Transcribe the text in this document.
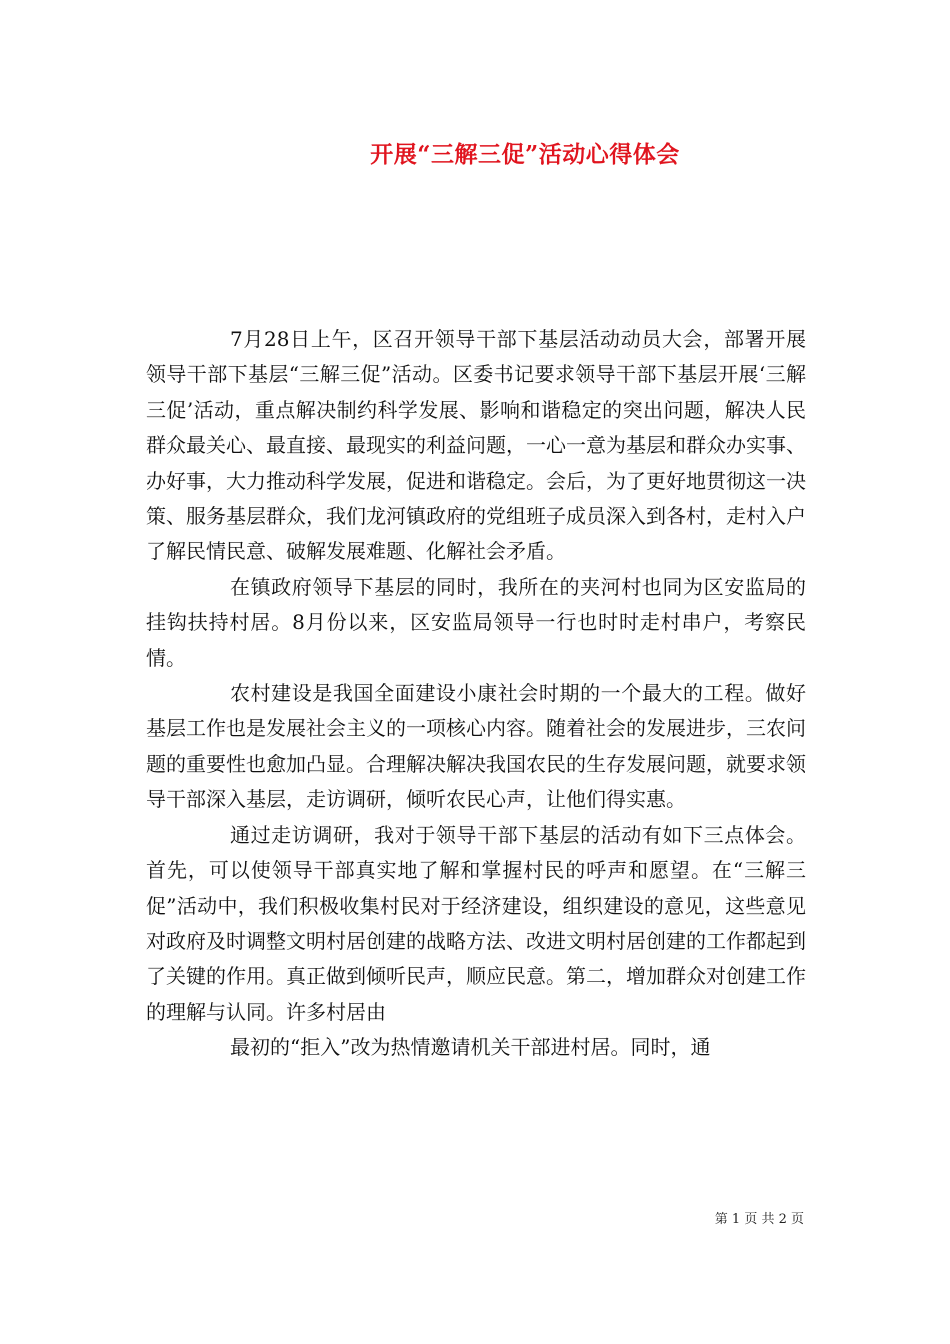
开展“三解三促”活动心得体会

7月28日上午，区召开领导干部下基层活动动员大会，部署开展领导干部下基层“三解三促”活动。区委书记要求领导干部下基层开展‘三解三促’活动，重点解决制约科学发展、影响和谐稳定的突出问题，解决人民群众最关心、最直接、最现实的利益问题，一心一意为基层和群众办实事、办好事，大力推动科学发展，促进和谐稳定。会后，为了更好地贯彻这一决策、服务基层群众，我们龙河镇政府的党组班子成员深入到各村，走村入户了解民情民意、破解发展难题、化解社会矛盾。

在镇政府领导下基层的同时，我所在的夹河村也同为区安监局的挂钩扶持村居。8月份以来，区安监局领导一行也时时走村串户，考察民情。

农村建设是我国全面建设小康社会时期的一个最大的工程。做好基层工作也是发展社会主义的一项核心内容。随着社会的发展进步，三农问题的重要性也愈加凸显。合理解决解决我国农民的生存发展问题，就要求领导干部深入基层，走访调研，倾听农民心声，让他们得实惠。

通过走访调研，我对于领导干部下基层的活动有如下三点体会。首先，可以使领导干部真实地了解和掌握村民的呼声和愿望。在“三解三促”活动中，我们积极收集村民对于经济建设，组织建设的意见，这些意见对政府及时调整文明村居创建的战略方法、改进文明村居创建的工作都起到了关键的作用。真正做到倾听民声，顺应民意。第二，增加群众对创建工作的理解与认同。许多村居由

最初的“拒入”改为热情邀请机关干部进村居。同时，通

第 1 页 共 2 页
